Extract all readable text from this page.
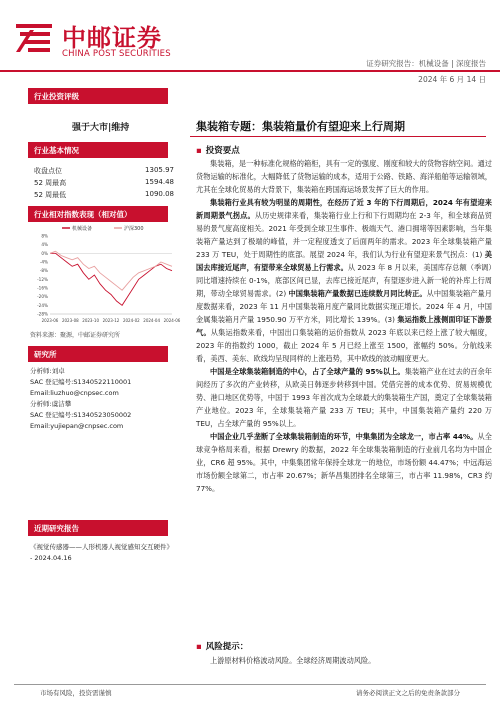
中邮证券
CHINA POST SECURITIES
证券研究报告：机械设备 | 深度报告
2024 年 6 月 14 日
行业投资评级
强于大市|维持
行业基本情况
收盘点位	1305.97
52 周最高	1594.48
52 周最低	1090.08
行业相对指数表现（相对值）
机械设备	沪深300
8%
4%
0%
-4%
-8%
-12%
-16%
-20%
-24%
-28%
2023-06 2023-08 2023-10 2023-12 2024-02 2024-04 2024-06
资料来源：聚源，中邮证券研究所
研究所
分析师:刘卓
SAC 登记编号:S1340522110001
Email:liuzhuo@cnpsec.com
分析师:虞洁攀
SAC 登记编号:S1340523050002
Email:yujiepan@cnpsec.com
近期研究报告
《视觉传感器——人形机器人视觉感知交互硬件》 - 2024.04.16
集装箱专题：集装箱量价有望迎来上行周期
▪ 投资要点

集装箱，是一种标准化规格的箱柜，具有一定的强度、刚度和较大的货物容纳空间。通过货物运输的标准化，大幅降低了货物运输的成本，适用于公路、铁路、海洋船舶等运输领域，尤其在全球化贸易的大背景下，集装箱在跨国海运场景发挥了巨大的作用。

集装箱行业具有较为明显的周期性，在经历了近 3 年的下行周期后，2024 年有望迎来新周期景气拐点。从历史规律来看，集装箱行业上行和下行周期均在 2-3 年，和全球商品贸易的景气度高度相关。2021 年受到全球卫生事件、极端天气、港口拥堵等因素影响，当年集装箱产量达到了极端的峰值，并一定程度透支了后面两年的需求。2023 年全球集装箱产量 233 万 TEU，处于周期性的底部。展望 2024 年，我们认为行业有望迎来景气拐点：(1) 美国去库接近尾声，有望带来全球贸易上行需求。从 2023 年 8 月以来，美国库存总额（季调）同比增速持续在 0-1%，底部区间已显，去库已接近尾声，有望逐步进入新一轮的补库上行周期，带动全球贸易需求。(2) 中国集装箱产量数据已连续数月同比转正。从中国集装箱产量月度数据来看，2023 年 11 月中国集装箱月度产量同比数据实现正增长。2024 年 4 月，中国金属集装箱月产量 1950.90 万平方米，同比增长 139%。(3) 集运指数上涨侧面印证下游景气。从集运指数来看，中国出口集装箱的运价指数从 2023 年底以来已经上涨了较大幅度，2023 年的指数约 1000，截止 2024 年 5 月已经上涨至 1500，涨幅约 50%。分航线来看，美西、美东、欧线均呈现同样的上涨趋势，其中欧线的波动幅度更大。

中国是全球集装箱制造的中心，占了全球产量的 95%以上。集装箱产业在过去的百余年间经历了多次的产业转移，从欧美日韩逐步转移到中国。凭借完善的成本优势、贸易规模优势、港口地区优势等，中国于 1993 年首次成为全球最大的集装箱生产国，奠定了全球集装箱产业地位。2023 年，全球集装箱产量 233 万 TEU；其中，中国集装箱产量约 220 万 TEU，占全球产量的 95%以上。

中国企业几乎垄断了全球集装箱制造的环节，中集集团为全球龙一，市占率 44%。从全球竞争格局来看，根据 Drewry 的数据，2022 年全球集装箱制造的行业前几名均为中国企业，CR6 超 95%。其中，中集集团常年保持全球龙一的地位，市场份额 44.47%；中远海运市场份额全球第二，市占率 20.67%；新华昌集团排名全球第三，市占率 11.98%，CR3 约 77%。

▪ 风险提示：

上游原材料价格波动风险。全球经济周期波动风险。

市场有风险，投资需谨慎	请务必阅读正文之后的免责条款部分
